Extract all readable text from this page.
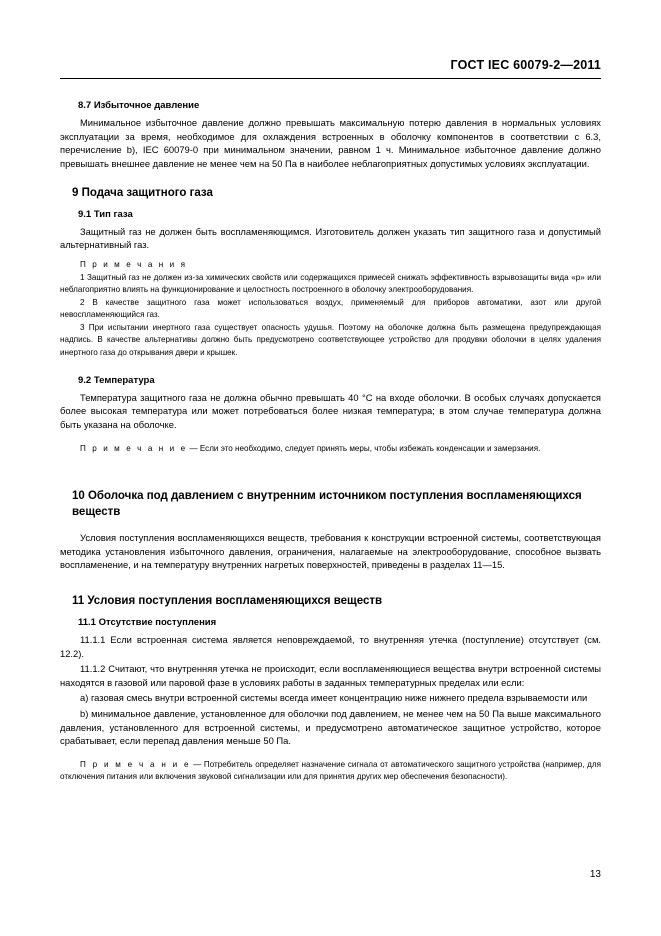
ГОСТ IEC 60079-2—2011
8.7 Избыточное давление

Минимальное избыточное давление должно превышать максимальную потерю давления в нормальных условиях эксплуатации за время, необходимое для охлаждения встроенных в оболочку компонентов в соответствии с 6.3, перечисление b), IEC 60079-0 при минимальном значении, равном 1 ч. Минимальное избыточное давление должно превышать внешнее давление не менее чем на 50 Па в наиболее неблагоприятных допустимых условиях эксплуатации.

9 Подача защитного газа
9.1 Тип газа

Защитный газ не должен быть воспламеняющимся. Изготовитель должен указать тип защитного газа и допустимый альтернативный газ.

П р и м е ч а н и я

1 Защитный газ не должен из-за химических свойств или содержащихся примесей снижать эффективность взрывозащиты вида «р» или неблагоприятно влиять на функционирование и целостность построенного в оболочку электрооборудования.

2 В качестве защитного газа может использоваться воздух, применяемый для приборов автоматики, азот или другой невоспламеняющийся газ.

3 При испытании инертного газа существует опасность удушья. Поэтому на оболочке должна быть размещена предупреждающая надпись. В качестве альтернативы должно быть предусмотрено соответствующее устройство для продувки оболочки в целях удаления инертного газа до открывания двери и крышек.

9.2 Температура

Температура защитного газа не должна обычно превышать 40 °С на входе оболочки. В особых случаях допускается более высокая температура или может потребоваться более низкая температура; в этом случае температура должна быть указана на оболочке.

П р и м е ч а н и е — Если это необходимо, следует принять меры, чтобы избежать конденсации и замерзания.

10 Оболочка под давлением с внутренним источником поступления воспламеняющихся веществ

Условия поступления воспламеняющихся веществ, требования к конструкции встроенной системы, соответствующая методика установления избыточного давления, ограничения, налагаемые на электрооборудование, способное вызвать воспламенение, и на температуру внутренних нагретых поверхностей, приведены в разделах 11—15.

11 Условия поступления воспламеняющихся веществ
11.1 Отсутствие поступления

11.1.1 Если встроенная система является неповреждаемой, то внутренняя утечка (поступление) отсутствует (см. 12.2).

11.1.2 Считают, что внутренняя утечка не происходит, если воспламеняющиеся вещества внутри встроенной системы находятся в газовой или паровой фазе в условиях работы в заданных температурных пределах или если:

a) газовая смесь внутри встроенной системы всегда имеет концентрацию ниже нижнего предела взрываемости или

b) минимальное давление, установленное для оболочки под давлением, не менее чем на 50 Па выше максимального давления, установленного для встроенной системы, и предусмотрено автоматическое защитное устройство, которое срабатывает, если перепад давления меньше 50 Па.

П р и м е ч а н и е — Потребитель определяет назначение сигнала от автоматического защитного устройства (например, для отключения питания или включения звуковой сигнализации или для принятия других мер обеспечения безопасности).

13
